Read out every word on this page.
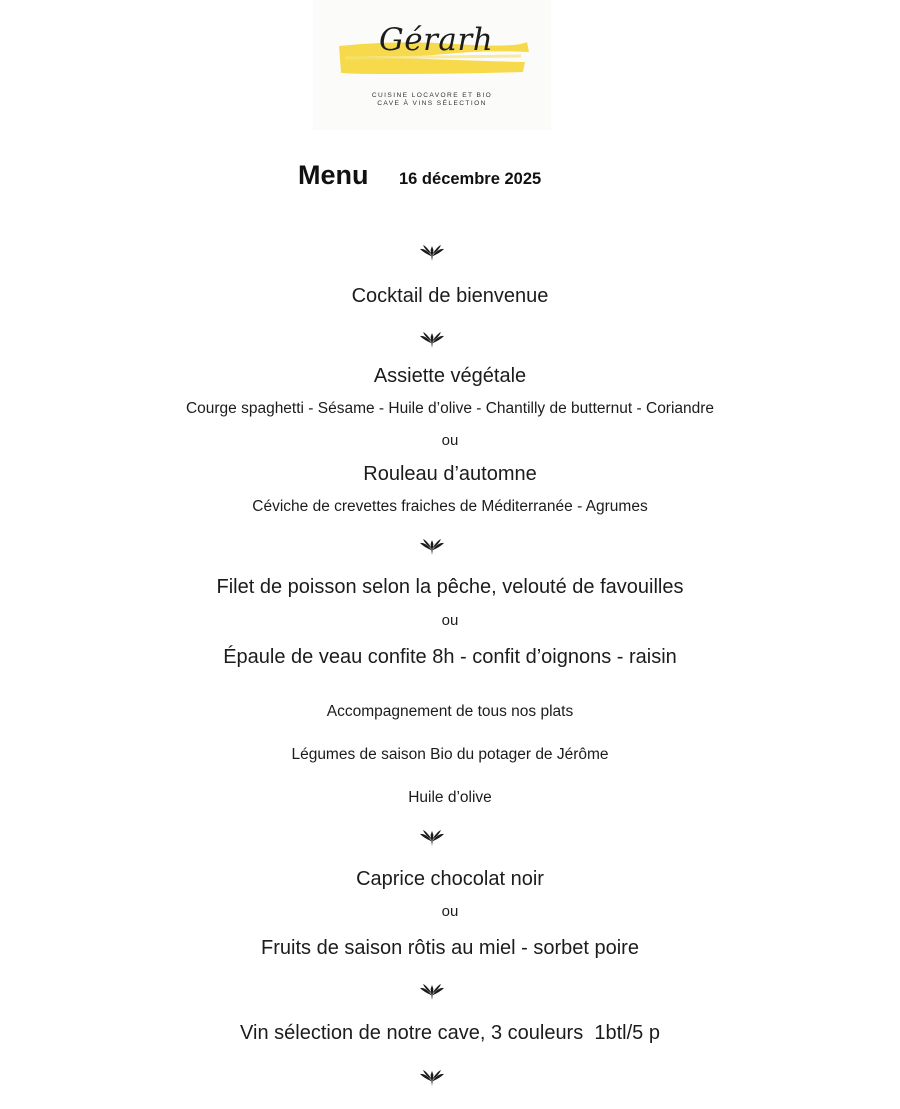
Gérarh
CUISINE LOCAVORE ET BIO
CAVE À VINS SÉLECTION
Menu 16 décembre 2025
Cocktail de bienvenue
Assiette végétale
Courge spaghetti - Sésame - Huile d’olive - Chantilly de butternut - Coriandre
ou
Rouleau d’automne
Céviche de crevettes fraiches de Méditerranée - Agrumes
Filet de poisson selon la pêche, velouté de favouilles
ou
Épaule de veau confite 8h - confit d’oignons - raisin
Accompagnement de tous nos plats
Légumes de saison Bio du potager de Jérôme
Huile d’olive
Caprice chocolat noir
ou
Fruits de saison rôtis au miel - sorbet poire
Vin sélection de notre cave, 3 couleurs  1btl/5 p
